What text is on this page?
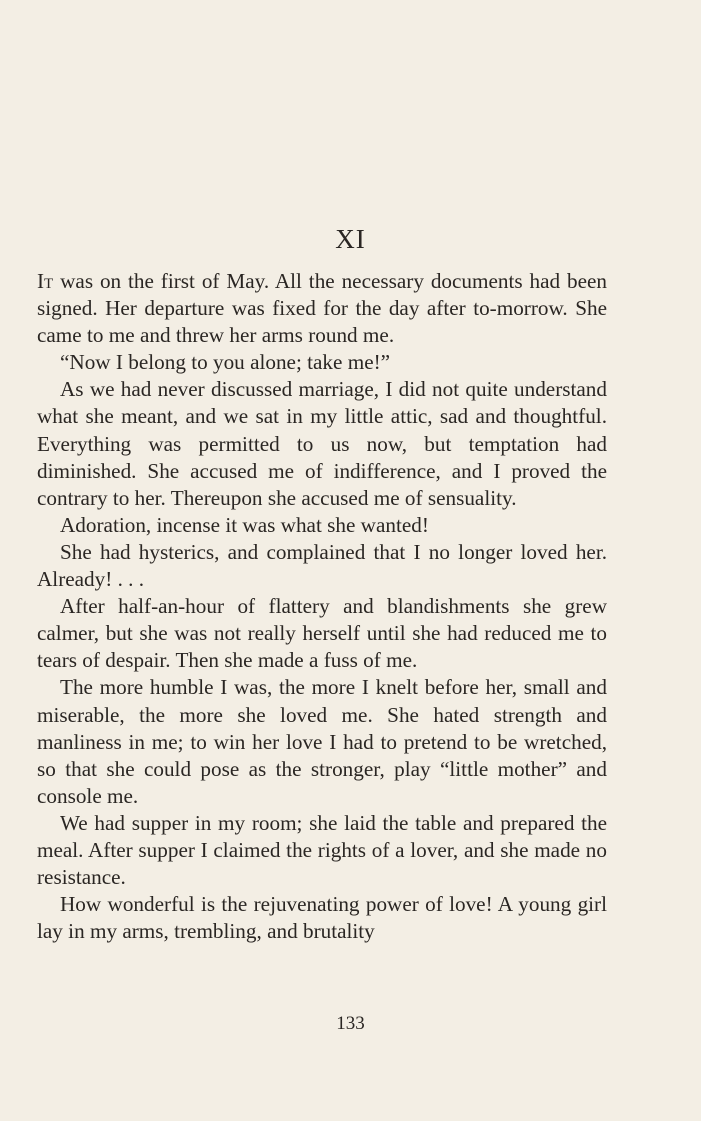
XI

It was on the first of May. All the necessary documents had been signed. Her departure was fixed for the day after to-morrow. She came to me and threw her arms round me.

“Now I belong to you alone; take me!”

As we had never discussed marriage, I did not quite understand what she meant, and we sat in my little attic, sad and thoughtful. Everything was permitted to us now, but temptation had diminished. She accused me of indifference, and I proved the contrary to her. Thereupon she accused me of sensuality.

Adoration, incense it was what she wanted!

She had hysterics, and complained that I no longer loved her. Already! . . .

After half-an-hour of flattery and blandishments she grew calmer, but she was not really herself until she had reduced me to tears of despair. Then she made a fuss of me.

The more humble I was, the more I knelt before her, small and miserable, the more she loved me. She hated strength and manliness in me; to win her love I had to pretend to be wretched, so that she could pose as the stronger, play “little mother” and console me.

We had supper in my room; she laid the table and prepared the meal. After supper I claimed the rights of a lover, and she made no resistance.

How wonderful is the rejuvenating power of love! A young girl lay in my arms, trembling, and brutality

133
